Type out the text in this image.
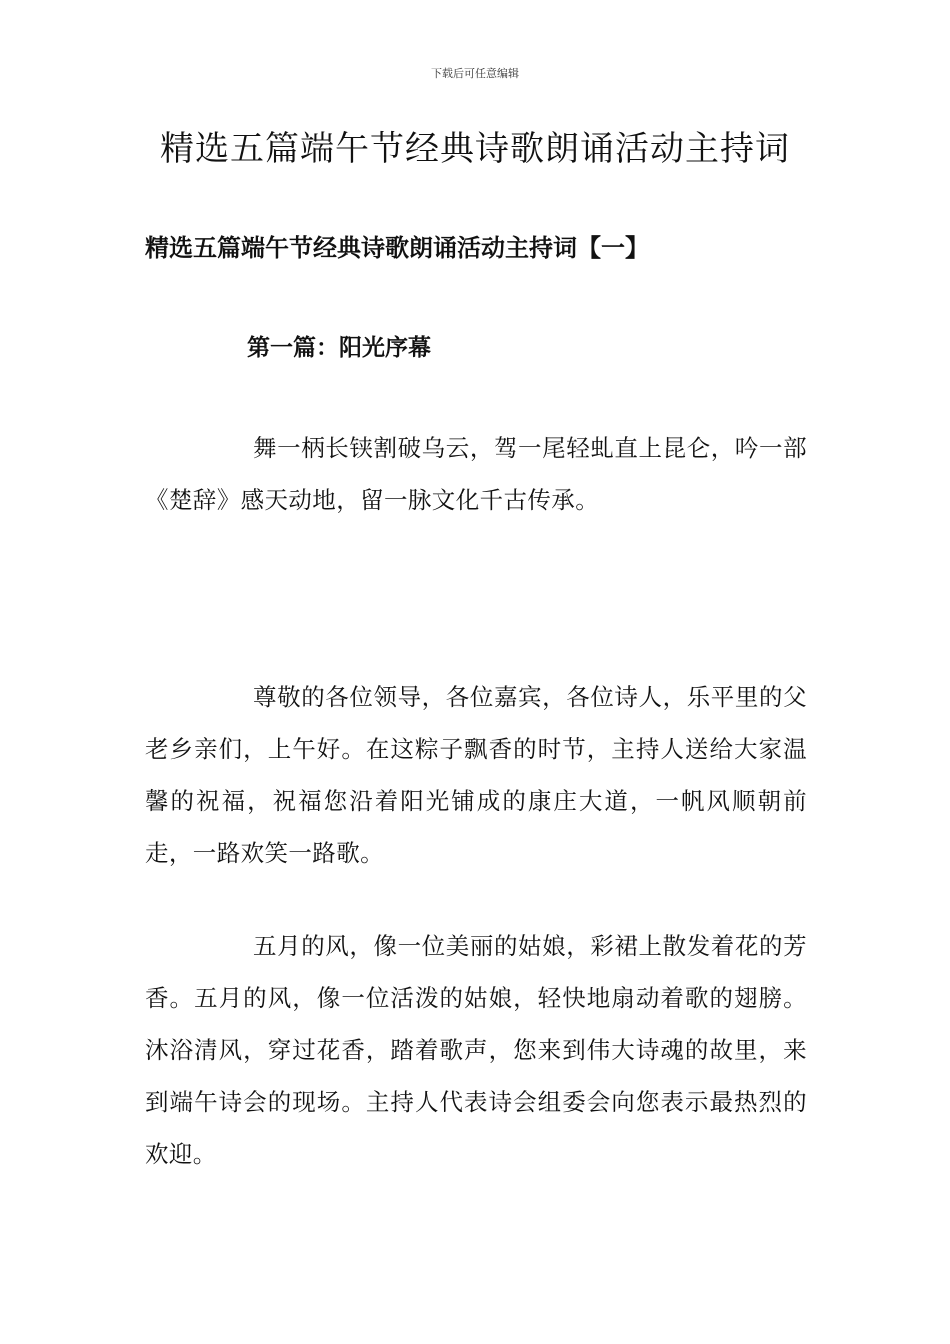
下载后可任意编辑
精选五篇端午节经典诗歌朗诵活动主持词
精选五篇端午节经典诗歌朗诵活动主持词【一】
第一篇：阳光序幕

舞一柄长铗割破乌云，驾一尾轻虬直上昆仑，吟一部《楚辞》感天动地，留一脉文化千古传承。

尊敬的各位领导，各位嘉宾，各位诗人，乐平里的父老乡亲们，上午好。在这粽子飘香的时节，主持人送给大家温馨的祝福，祝福您沿着阳光铺成的康庄大道，一帆风顺朝前走，一路欢笑一路歌。

五月的风，像一位美丽的姑娘，彩裙上散发着花的芳香。五月的风，像一位活泼的姑娘，轻快地扇动着歌的翅膀。沐浴清风，穿过花香，踏着歌声，您来到伟大诗魂的故里，来到端午诗会的现场。主持人代表诗会组委会向您表示最热烈的欢迎。
